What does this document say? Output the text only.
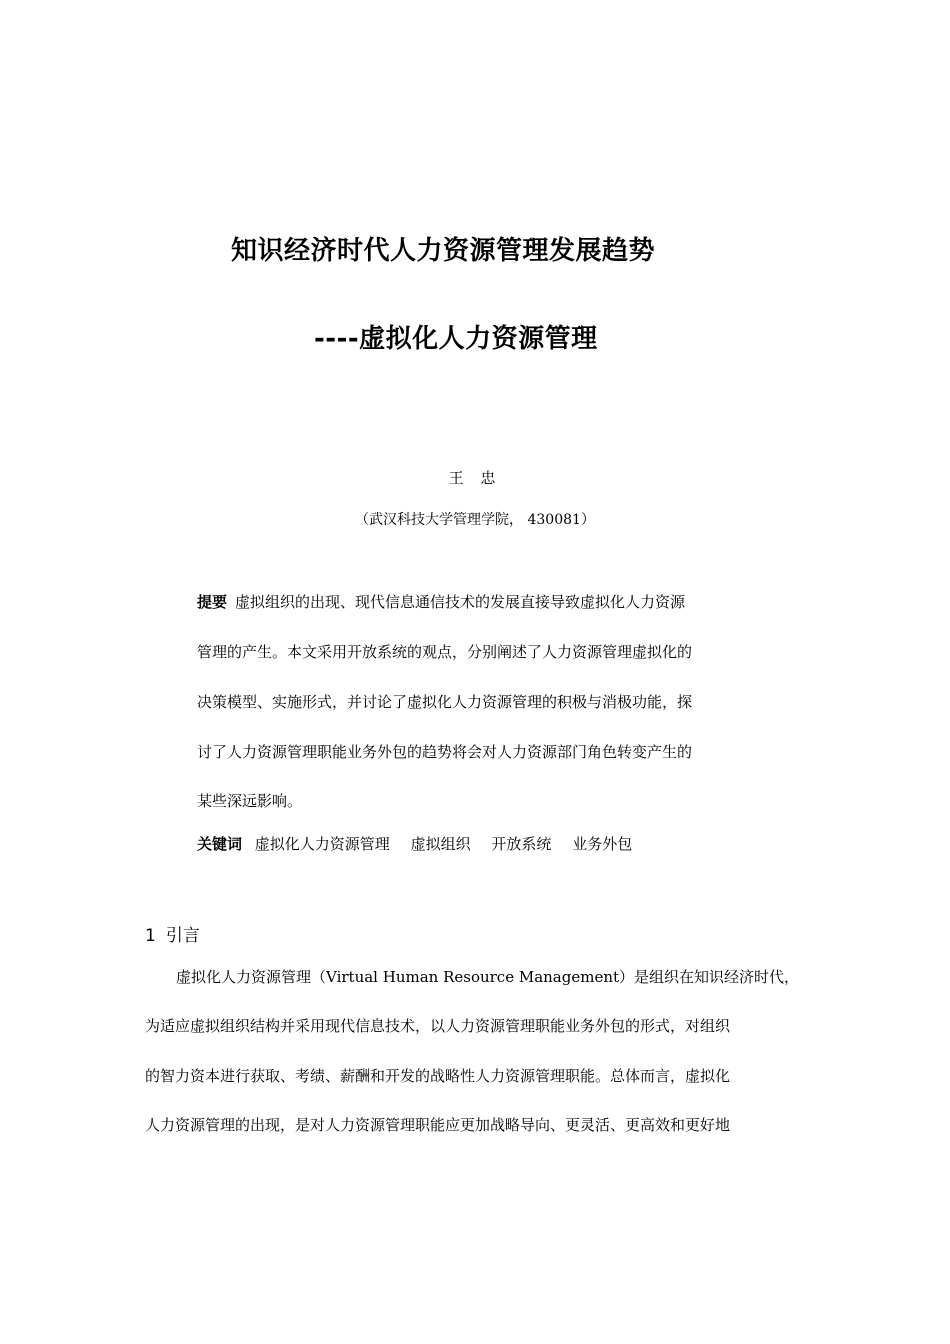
知识经济时代人力资源管理发展趋势
----虚拟化人力资源管理
王 忠
（武汉科技大学管理学院， 430081）
提要 虚拟组织的出现、现代信息通信技术的发展直接导致虚拟化人力资源
管理的产生。本文采用开放系统的观点，分别阐述了人力资源管理虚拟化的
决策模型、实施形式，并讨论了虚拟化人力资源管理的积极与消极功能，探
讨了人力资源管理职能业务外包的趋势将会对人力资源部门角色转变产生的
某些深远影响。
关键词 虚拟化人力资源管理 虚拟组织 开放系统 业务外包
1 引言
虚拟化人力资源管理（Virtual Human Resource Management）是组织在知识经济时代，
为适应虚拟组织结构并采用现代信息技术，以人力资源管理职能业务外包的形式，对组织
的智力资本进行获取、考绩、薪酬和开发的战略性人力资源管理职能。总体而言，虚拟化
人力资源管理的出现，是对人力资源管理职能应更加战略导向、更灵活、更高效和更好地
